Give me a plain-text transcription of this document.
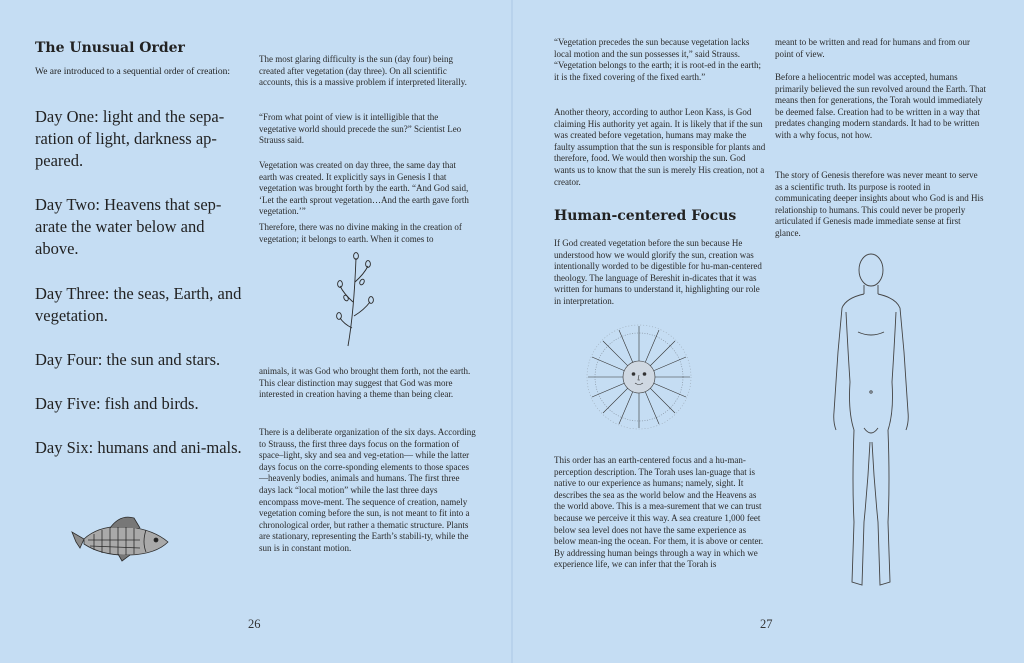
The Unusual Order

We are introduced to a sequential order of creation:

Day One: light and the sepa-ration of light, darkness ap-peared.

Day Two: Heavens that sep-arate the water below and above.

Day Three: the seas, Earth, and vegetation.

Day Four: the sun and stars.

Day Five: fish and birds.

Day Six: humans and ani-mals.

The most glaring difficulty is the sun (day four) being created after vegetation (day three). On all scientific accounts, this is a massive problem if interpreted literally.

“From what point of view is it intelligible that the vegetative world should precede the sun?” Scientist Leo Strauss said.

Vegetation was created on day three, the same day that earth was created. It explicitly says in Genesis I that vegetation was brought forth by the earth. “And God said, ‘Let the earth sprout vegetation…And the earth gave forth vegetation.’”

Therefore, there was no divine making in the creation of vegetation; it belongs to earth. When it comes to

animals, it was God who brought them forth, not the earth. This clear distinction may suggest that God was more interested in creation having a theme than being clear.

There is a deliberate organization of the six days. According to Strauss, the first three days focus on the formation of space–light, sky and sea and veg-etation— while the latter days focus on the corre-sponding elements to those spaces—heavenly bodies, animals and humans. The first three days lack “local motion” while the last three days encompass move-ment. The sequence of creation, namely vegetation coming before the sun, is not meant to fit into a chronological order, but rather a thematic structure. Plants are stationary, representing the Earth’s stabili-ty, while the sun is in constant motion.

26

“Vegetation precedes the sun because vegetation lacks local motion and the sun possesses it,” said Strauss. “Vegetation belongs to the earth; it is root-ed in the earth; it is the fixed covering of the fixed earth.”

Another theory, according to author Leon Kass, is God claiming His authority yet again. It is likely that if the sun was created before vegetation, humans may make the faulty assumption that the sun is responsible for plants and therefore, food. We would then worship the sun. God wants us to know that the sun is merely His creation, not a creator.

Human-centered Focus

If God created vegetation before the sun because He understood how we would glorify the sun, creation was intentionally worded to be digestible for hu-man-centered theology. The language of Bereshit in-dicates that it was written for humans to understand it, highlighting our role in interpretation.

This order has an earth-centered focus and a hu-man-perception description. The Torah uses lan-guage that is native to our experience as humans; namely, sight. It describes the sea as the world below and the Heavens as the world above. This is a mea-surement that we can trust because we perceive it this way. A sea creature 1,000 feet below sea level does not have the same experience as below mean-ing the ocean. For them, it is above or center. By addressing human beings through a way in which we experience life, we can infer that the Torah is

meant to be written and read for humans and from our point of view.

Before a heliocentric model was accepted, humans primarily believed the sun revolved around the Earth. That means then for generations, the Torah would immediately be deemed false. Creation had to be written in a way that predates changing modern standards. It had to be written with a why focus, not how.

The story of Genesis therefore was never meant to serve as a scientific truth. Its purpose is rooted in communicating deeper insights about who God is and His relationship to humans. This could never be properly articulated if Genesis made immediate sense at first glance.

27
